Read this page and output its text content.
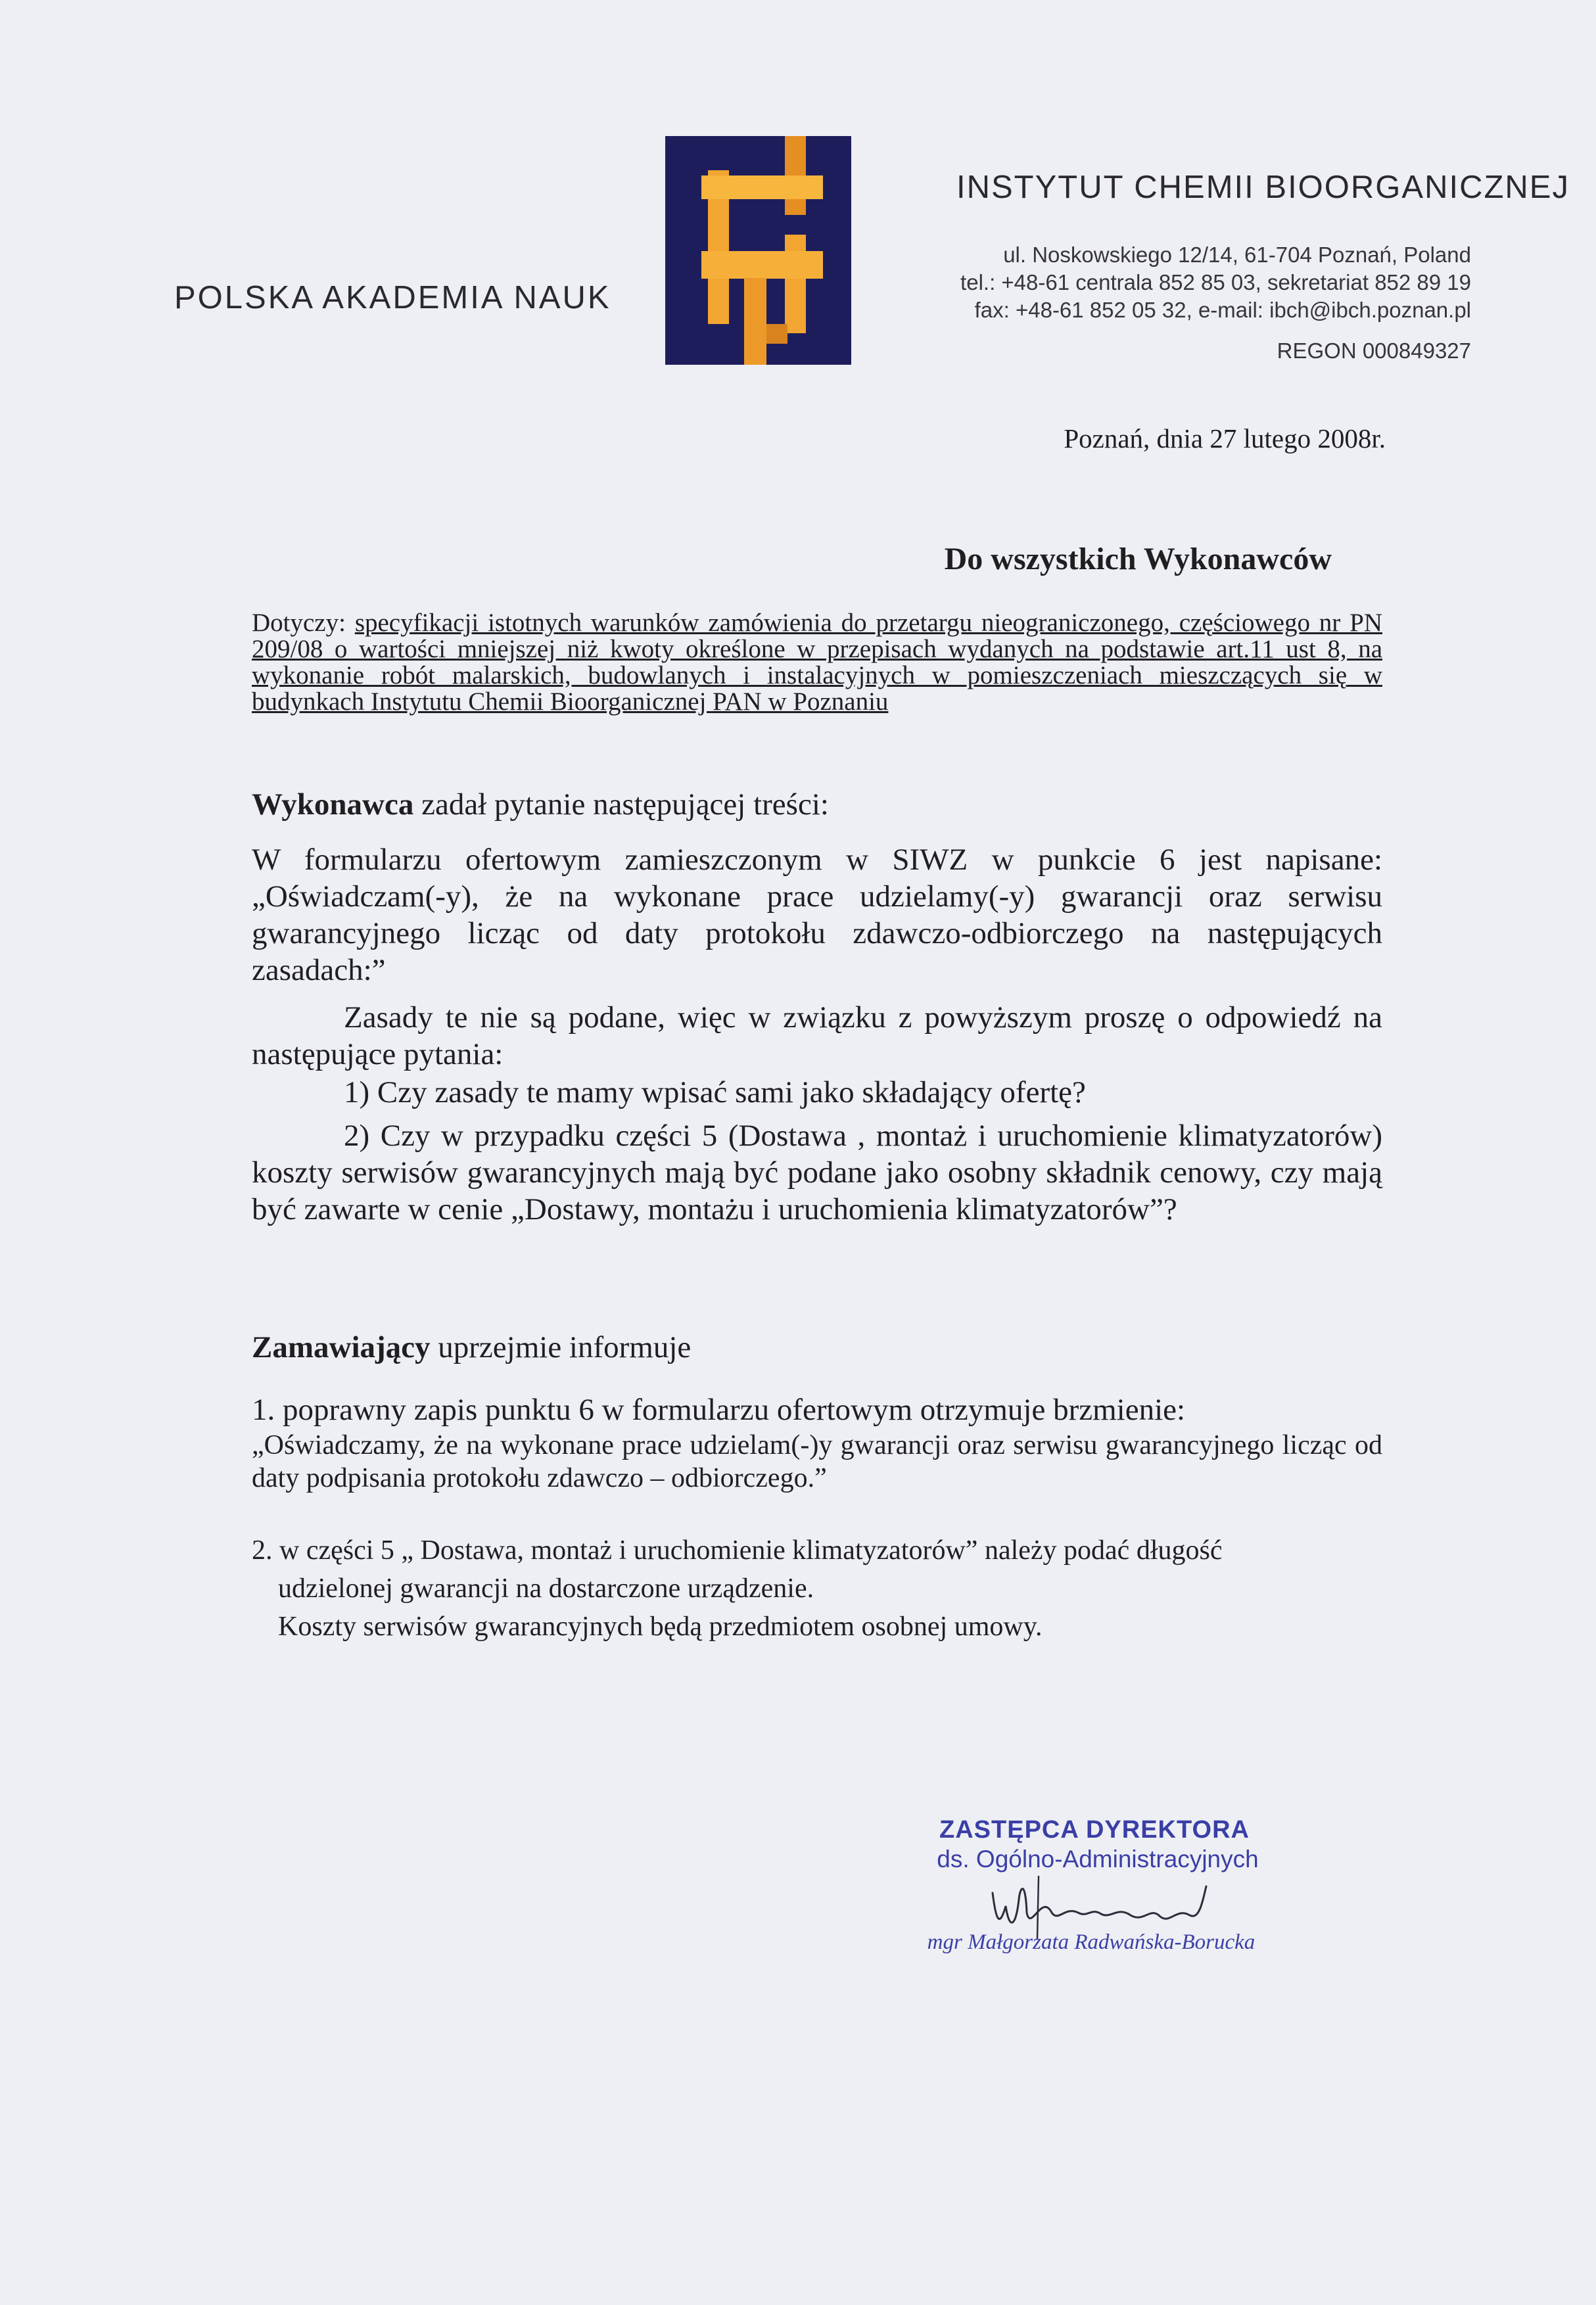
POLSKA AKADEMIA NAUK
INSTYTUT CHEMII BIOORGANICZNEJ
ul. Noskowskiego 12/14, 61-704 Poznań, Poland
tel.: +48-61 centrala 852 85 03, sekretariat 852 89 19
fax: +48-61 852 05 32, e-mail: ibch@ibch.poznan.pl
REGON 000849327
Poznań, dnia 27 lutego 2008r.
Do wszystkich Wykonawców
Dotyczy: specyfikacji istotnych warunków zamówienia do przetargu nieograniczonego, częściowego nr PN 209/08 o wartości mniejszej niż kwoty określone w przepisach wydanych na podstawie art.11 ust 8, na wykonanie robót malarskich, budowlanych i instalacyjnych w pomieszczeniach mieszczących się w budynkach Instytutu Chemii Bioorganicznej PAN w Poznaniu
Wykonawca zadał pytanie następującej treści:
W formularzu ofertowym zamieszczonym w SIWZ w punkcie 6 jest napisane: „Oświadczam(-y), że na wykonane prace udzielamy(-y) gwarancji oraz serwisu gwarancyjnego licząc od daty protokołu zdawczo-odbiorczego na następujących zasadach:”
Zasady te nie są podane, więc w związku z powyższym proszę o odpowiedź na następujące pytania:
1) Czy zasady te mamy wpisać sami jako składający ofertę?
2) Czy w przypadku części 5 (Dostawa , montaż i uruchomienie klimatyzatorów) koszty serwisów gwarancyjnych mają być podane jako osobny składnik cenowy, czy mają być zawarte w cenie „Dostawy, montażu i uruchomienia klimatyzatorów”?
Zamawiający uprzejmie informuje
1. poprawny zapis punktu 6 w formularzu ofertowym otrzymuje brzmienie:
„Oświadczamy, że na wykonane prace udzielam(-)y gwarancji oraz serwisu gwarancyjnego licząc od daty podpisania protokołu zdawczo – odbiorczego.”
2. w części 5 „ Dostawa, montaż i uruchomienie klimatyzatorów” należy podać długość
udzielonej gwarancji na dostarczone urządzenie.
Koszty serwisów gwarancyjnych będą przedmiotem osobnej umowy.
ZASTĘPCA DYREKTORA
ds. Ogólno-Administracyjnych
mgr Małgorzata Radwańska-Borucka
